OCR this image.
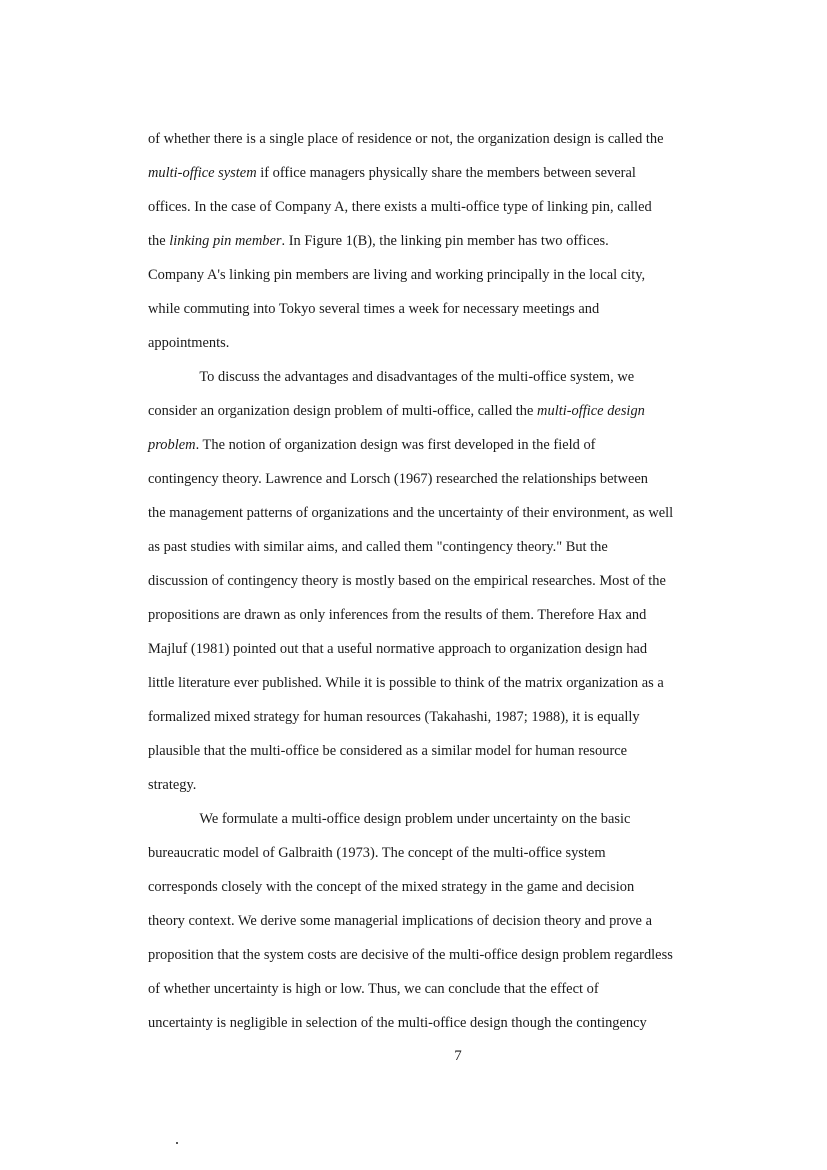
of whether there is a single place of residence or not, the organization design is called the
multi-office system if office managers physically share the members between several
offices. In the case of Company A, there exists a multi-office type of linking pin, called
the linking pin member. In Figure 1(B), the linking pin member has two offices.
Company A's linking pin members are living and working principally in the local city,
while commuting into Tokyo several times a week for necessary meetings and
appointments.
To discuss the advantages and disadvantages of the multi-office system, we
consider an organization design problem of multi-office, called the multi-office design
problem. The notion of organization design was first developed in the field of
contingency theory. Lawrence and Lorsch (1967) researched the relationships between
the management patterns of organizations and the uncertainty of their environment, as well
as past studies with similar aims, and called them "contingency theory." But the
discussion of contingency theory is mostly based on the empirical researches. Most of the
propositions are drawn as only inferences from the results of them. Therefore Hax and
Majluf (1981) pointed out that a useful normative approach to organization design had
little literature ever published. While it is possible to think of the matrix organization as a
formalized mixed strategy for human resources (Takahashi, 1987; 1988), it is equally
plausible that the multi-office be considered as a similar model for human resource
strategy.
We formulate a multi-office design problem under uncertainty on the basic
bureaucratic model of Galbraith (1973). The concept of the multi-office system
corresponds closely with the concept of the mixed strategy in the game and decision
theory context. We derive some managerial implications of decision theory and prove a
proposition that the system costs are decisive of the multi-office design problem regardless
of whether uncertainty is high or low. Thus, we can conclude that the effect of
uncertainty is negligible in selection of the multi-office design though the contingency
7
